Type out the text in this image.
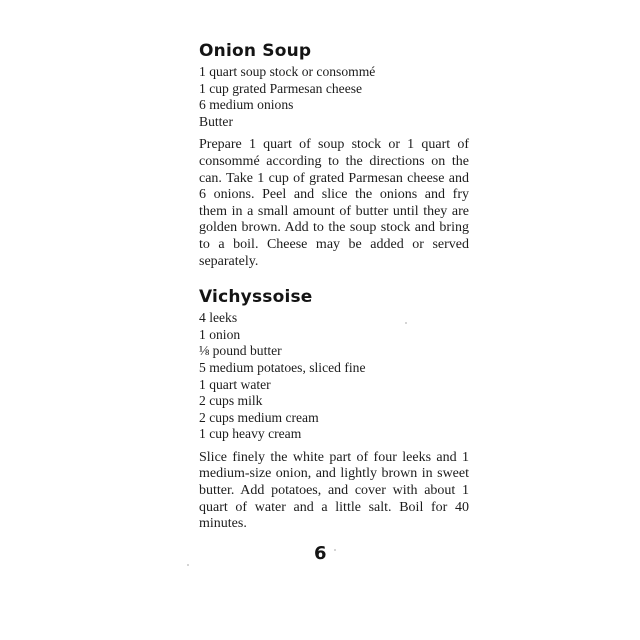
Onion Soup
1 quart soup stock or consommé
1 cup grated Parmesan cheese
6 medium onions
Butter

Prepare 1 quart of soup stock or 1 quart of consommé according to the directions on the can. Take 1 cup of grated Parmesan cheese and 6 onions. Peel and slice the onions and fry them in a small amount of butter until they are golden brown. Add to the soup stock and bring to a boil. Cheese may be added or served separately.

Vichyssoise
4 leeks
1 onion
⅛ pound butter
5 medium potatoes, sliced fine
1 quart water
2 cups milk
2 cups medium cream
1 cup heavy cream

Slice finely the white part of four leeks and 1 medium-size onion, and lightly brown in sweet butter. Add potatoes, and cover with about 1 quart of water and a little salt. Boil for 40 minutes.

6
